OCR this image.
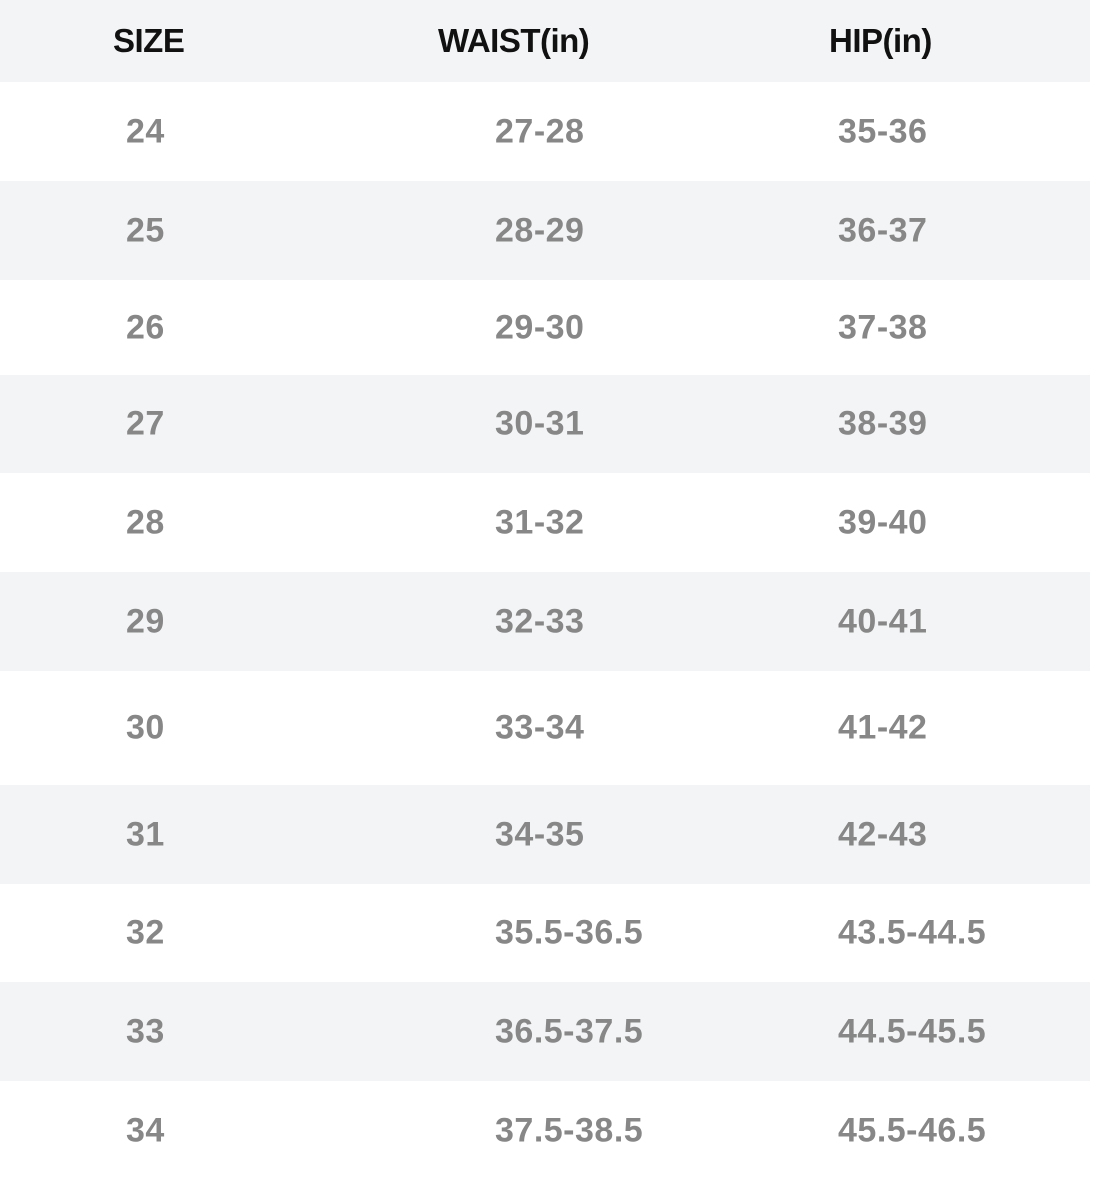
SIZE	WAIST(in)	HIP(in)
24	27-28	35-36
25	28-29	36-37
26	29-30	37-38
27	30-31	38-39
28	31-32	39-40
29	32-33	40-41
30	33-34	41-42
31	34-35	42-43
32	35.5-36.5	43.5-44.5
33	36.5-37.5	44.5-45.5
34	37.5-38.5	45.5-46.5
